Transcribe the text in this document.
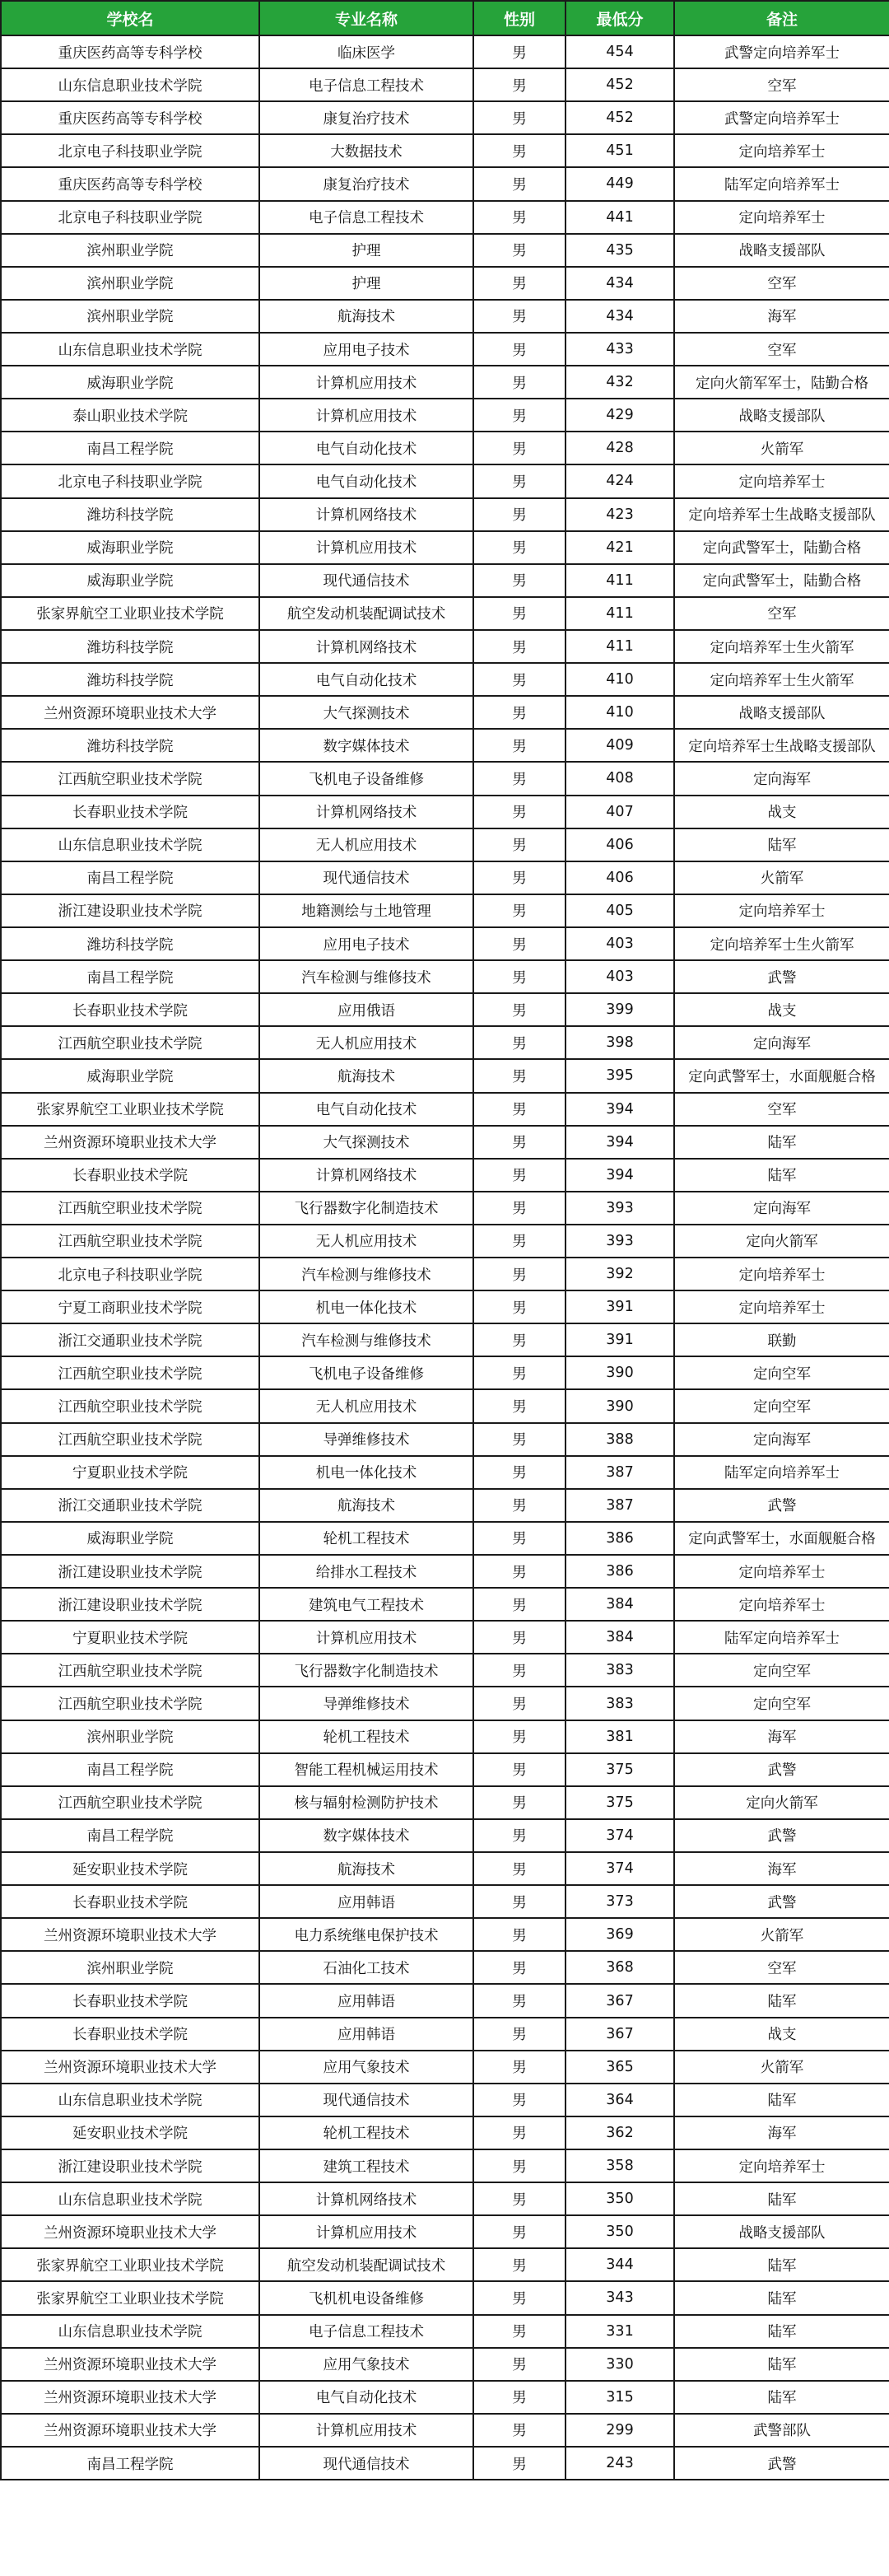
学校名	专业名称	性别	最低分	备注
重庆医药高等专科学校	临床医学	男	454	武警定向培养军士
山东信息职业技术学院	电子信息工程技术	男	452	空军
重庆医药高等专科学校	康复治疗技术	男	452	武警定向培养军士
北京电子科技职业学院	大数据技术	男	451	定向培养军士
重庆医药高等专科学校	康复治疗技术	男	449	陆军定向培养军士
北京电子科技职业学院	电子信息工程技术	男	441	定向培养军士
滨州职业学院	护理	男	435	战略支援部队
滨州职业学院	护理	男	434	空军
滨州职业学院	航海技术	男	434	海军
山东信息职业技术学院	应用电子技术	男	433	空军
威海职业学院	计算机应用技术	男	432	定向火箭军军士，陆勤合格
泰山职业技术学院	计算机应用技术	男	429	战略支援部队
南昌工程学院	电气自动化技术	男	428	火箭军
北京电子科技职业学院	电气自动化技术	男	424	定向培养军士
潍坊科技学院	计算机网络技术	男	423	定向培养军士生战略支援部队
威海职业学院	计算机应用技术	男	421	定向武警军士，陆勤合格
威海职业学院	现代通信技术	男	411	定向武警军士，陆勤合格
张家界航空工业职业技术学院	航空发动机装配调试技术	男	411	空军
潍坊科技学院	计算机网络技术	男	411	定向培养军士生火箭军
潍坊科技学院	电气自动化技术	男	410	定向培养军士生火箭军
兰州资源环境职业技术大学	大气探测技术	男	410	战略支援部队
潍坊科技学院	数字媒体技术	男	409	定向培养军士生战略支援部队
江西航空职业技术学院	飞机电子设备维修	男	408	定向海军
长春职业技术学院	计算机网络技术	男	407	战支
山东信息职业技术学院	无人机应用技术	男	406	陆军
南昌工程学院	现代通信技术	男	406	火箭军
浙江建设职业技术学院	地籍测绘与土地管理	男	405	定向培养军士
潍坊科技学院	应用电子技术	男	403	定向培养军士生火箭军
南昌工程学院	汽车检测与维修技术	男	403	武警
长春职业技术学院	应用俄语	男	399	战支
江西航空职业技术学院	无人机应用技术	男	398	定向海军
威海职业学院	航海技术	男	395	定向武警军士，水面舰艇合格
张家界航空工业职业技术学院	电气自动化技术	男	394	空军
兰州资源环境职业技术大学	大气探测技术	男	394	陆军
长春职业技术学院	计算机网络技术	男	394	陆军
江西航空职业技术学院	飞行器数字化制造技术	男	393	定向海军
江西航空职业技术学院	无人机应用技术	男	393	定向火箭军
北京电子科技职业学院	汽车检测与维修技术	男	392	定向培养军士
宁夏工商职业技术学院	机电一体化技术	男	391	定向培养军士
浙江交通职业技术学院	汽车检测与维修技术	男	391	联勤
江西航空职业技术学院	飞机电子设备维修	男	390	定向空军
江西航空职业技术学院	无人机应用技术	男	390	定向空军
江西航空职业技术学院	导弹维修技术	男	388	定向海军
宁夏职业技术学院	机电一体化技术	男	387	陆军定向培养军士
浙江交通职业技术学院	航海技术	男	387	武警
威海职业学院	轮机工程技术	男	386	定向武警军士，水面舰艇合格
浙江建设职业技术学院	给排水工程技术	男	386	定向培养军士
浙江建设职业技术学院	建筑电气工程技术	男	384	定向培养军士
宁夏职业技术学院	计算机应用技术	男	384	陆军定向培养军士
江西航空职业技术学院	飞行器数字化制造技术	男	383	定向空军
江西航空职业技术学院	导弹维修技术	男	383	定向空军
滨州职业学院	轮机工程技术	男	381	海军
南昌工程学院	智能工程机械运用技术	男	375	武警
江西航空职业技术学院	核与辐射检测防护技术	男	375	定向火箭军
南昌工程学院	数字媒体技术	男	374	武警
延安职业技术学院	航海技术	男	374	海军
长春职业技术学院	应用韩语	男	373	武警
兰州资源环境职业技术大学	电力系统继电保护技术	男	369	火箭军
滨州职业学院	石油化工技术	男	368	空军
长春职业技术学院	应用韩语	男	367	陆军
长春职业技术学院	应用韩语	男	367	战支
兰州资源环境职业技术大学	应用气象技术	男	365	火箭军
山东信息职业技术学院	现代通信技术	男	364	陆军
延安职业技术学院	轮机工程技术	男	362	海军
浙江建设职业技术学院	建筑工程技术	男	358	定向培养军士
山东信息职业技术学院	计算机网络技术	男	350	陆军
兰州资源环境职业技术大学	计算机应用技术	男	350	战略支援部队
张家界航空工业职业技术学院	航空发动机装配调试技术	男	344	陆军
张家界航空工业职业技术学院	飞机机电设备维修	男	343	陆军
山东信息职业技术学院	电子信息工程技术	男	331	陆军
兰州资源环境职业技术大学	应用气象技术	男	330	陆军
兰州资源环境职业技术大学	电气自动化技术	男	315	陆军
兰州资源环境职业技术大学	计算机应用技术	男	299	武警部队
南昌工程学院	现代通信技术	男	243	武警
